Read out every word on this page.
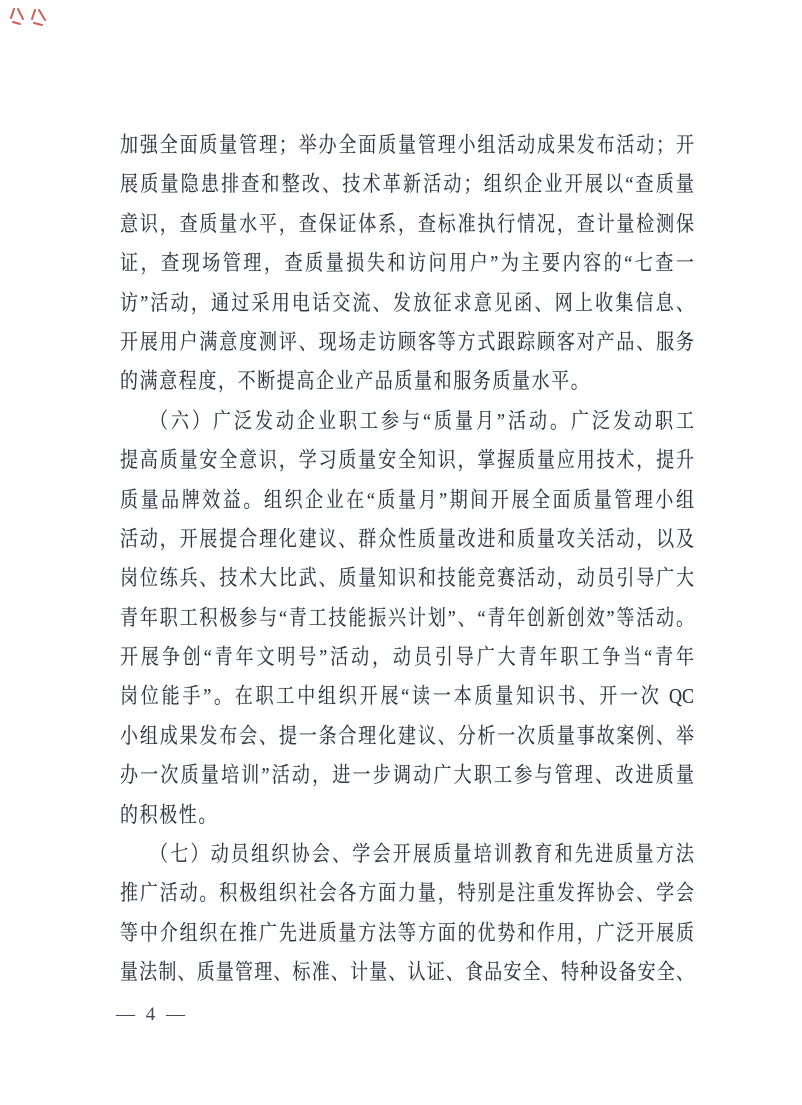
加强全面质量管理；举办全面质量管理小组活动成果发布活动；开
展质量隐患排查和整改、技术革新活动；组织企业开展以“查质量
意识，查质量水平，查保证体系，查标准执行情况，查计量检测保
证，查现场管理，查质量损失和访问用户”为主要内容的“七查一
访”活动，通过采用电话交流、发放征求意见函、网上收集信息、
开展用户满意度测评、现场走访顾客等方式跟踪顾客对产品、服务
的满意程度，不断提高企业产品质量和服务质量水平。
（六）广泛发动企业职工参与“质量月”活动。广泛发动职工
提高质量安全意识，学习质量安全知识，掌握质量应用技术，提升
质量品牌效益。组织企业在“质量月”期间开展全面质量管理小组
活动，开展提合理化建议、群众性质量改进和质量攻关活动，以及
岗位练兵、技术大比武、质量知识和技能竞赛活动，动员引导广大
青年职工积极参与“青工技能振兴计划”、“青年创新创效”等活动。
开展争创“青年文明号”活动，动员引导广大青年职工争当“青年
岗位能手”。在职工中组织开展“读一本质量知识书、开一次 QC
小组成果发布会、提一条合理化建议、分析一次质量事故案例、举
办一次质量培训”活动，进一步调动广大职工参与管理、改进质量
的积极性。
（七）动员组织协会、学会开展质量培训教育和先进质量方法
推广活动。积极组织社会各方面力量，特别是注重发挥协会、学会
等中介组织在推广先进质量方法等方面的优势和作用，广泛开展质
量法制、质量管理、标准、计量、认证、食品安全、特种设备安全、
— 4 —
